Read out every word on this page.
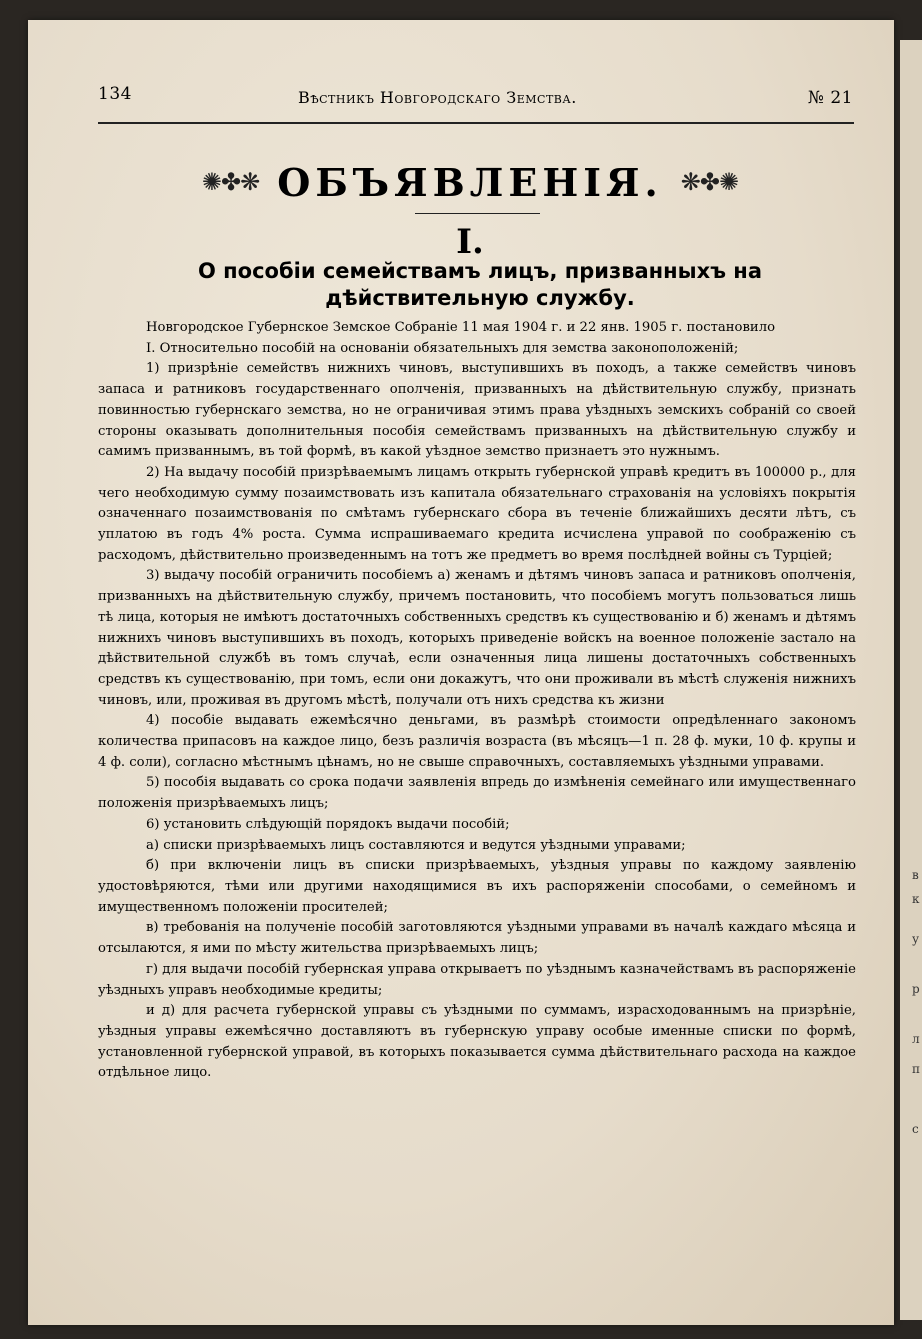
в
к
у
р
л
п
с
134	Вѣстникъ Новгородскаго Земства.	№ 21
✺✤❋ ОБЪЯВЛЕНІЯ. ❋✤✺
I.
О пособіи семействамъ лицъ, призванныхъ на дѣйствительную службу.

Новгородское Губернское Земское Собраніе 11 мая 1904 г. и 22 янв. 1905 г. постановило

I. Относительно пособій на основаніи обязательныхъ для земства законоположеній;

1) призрѣніе семействъ нижнихъ чиновъ, выступившихъ въ походъ, а также семействъ чиновъ запаса и ратниковъ государственнаго ополченія, призванныхъ на дѣйствительную службу, признать повинностью губернскаго земства, но не ограничивая этимъ права уѣздныхъ земскихъ собраній со своей стороны оказывать дополнительныя пособія семействамъ призванныхъ на дѣйствительную службу и самимъ призваннымъ, въ той формѣ, въ какой уѣздное земство признаетъ это нужнымъ.

2) На выдачу пособій призрѣваемымъ лицамъ открыть губернской управѣ кредитъ въ 100000 р., для чего необходимую сумму позаимствовать изъ капитала обязательнаго страхованія на условіяхъ покрытія означеннаго позаимствованія по смѣтамъ губернскаго сбора въ теченіе ближайшихъ десяти лѣтъ, съ уплатою въ годъ 4% роста. Сумма испрашиваемаго кредита исчислена управой по соображенію съ расходомъ, дѣйствительно произведеннымъ на тотъ же предметъ во время послѣдней войны съ Турціей;

3) выдачу пособій ограничить пособіемъ а) женамъ и дѣтямъ чиновъ запаса и ратниковъ ополченія, призванныхъ на дѣйствительную службу, причемъ постановить, что пособіемъ могутъ пользоваться лишь тѣ лица, которыя не имѣютъ достаточныхъ собственныхъ средствъ къ существованію и б) женамъ и дѣтямъ нижнихъ чиновъ выступившихъ въ походъ, которыхъ приведеніе войскъ на военное положеніе застало на дѣйствительной службѣ въ томъ случаѣ, если означенныя лица лишены достаточныхъ собственныхъ средствъ къ существованію, при томъ, если они докажутъ, что они проживали въ мѣстѣ служенія нижнихъ чиновъ, или, проживая въ другомъ мѣстѣ, получали отъ нихъ средства къ жизни

4) пособіе выдавать ежемѣсячно деньгами, въ размѣрѣ стоимости опредѣленнаго закономъ количества припасовъ на каждое лицо, безъ различія возраста (въ мѣсяцъ—1 п. 28 ф. муки, 10 ф. крупы и 4 ф. соли), согласно мѣстнымъ цѣнамъ, но не свыше справочныхъ, составляемыхъ уѣздными управами.

5) пособія выдавать со срока подачи заявленія впредь до измѣненія семейнаго или имущественнаго положенія призрѣваемыхъ лицъ;

6) установить слѣдующій порядокъ выдачи пособій;

а) списки призрѣваемыхъ лицъ составляются и ведутся уѣздными управами;

б) при включеніи лицъ въ списки призрѣваемыхъ, уѣздныя управы по каждому заявленію удостовѣряются, тѣми или другими находящимися въ ихъ распоряженіи способами, о семейномъ и имущественномъ положеніи просителей;

в) требованія на полученіе пособій заготовляются уѣздными управами въ началѣ каждаго мѣсяца и отсылаются, я ими по мѣсту жительства призрѣваемыхъ лицъ;

г) для выдачи пособій губернская управа открываетъ по уѣзднымъ казначействамъ въ распоряженіе уѣздныхъ управъ необходимые кредиты;

и д) для расчета губернской управы съ уѣздными по суммамъ, израсходованнымъ на призрѣніе, уѣздныя управы ежемѣсячно доставляютъ въ губернскую управу особые именные списки по формѣ, установленной губернской управой, въ которыхъ показывается сумма дѣйствительнаго расхода на каждое отдѣльное лицо.
